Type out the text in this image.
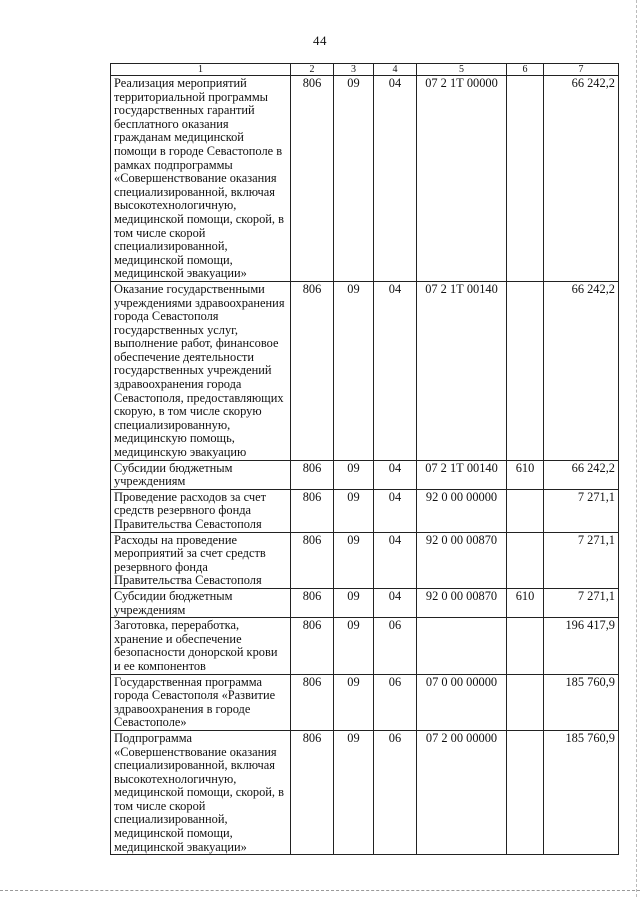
44
1	2	3	4	5	6	7
Реализация мероприятий территориальной программы государственных гарантий бесплатного оказания гражданам медицинской помощи в городе Севастополе в рамках подпрограммы «Совершенствование оказания специализированной, включая высокотехнологичную, медицинской помощи, скорой, в том числе скорой специализированной, медицинской помощи, медицинской эвакуации»	806	09	04	07 2 1Т 00000		66 242,2
Оказание государственными учреждениями здравоохранения города Севастополя государственных услуг, выполнение работ, финансовое обеспечение деятельности государственных учреждений здравоохранения города Севастополя, предоставляющих скорую, в том числе скорую специализированную, медицинскую помощь, медицинскую эвакуацию	806	09	04	07 2 1Т 00140		66 242,2
Субсидии бюджетным учреждениям	806	09	04	07 2 1Т 00140	610	66 242,2
Проведение расходов за счет средств резервного фонда Правительства Севастополя	806	09	04	92 0 00 00000		7 271,1
Расходы на проведение мероприятий за счет средств резервного фонда Правительства Севастополя	806	09	04	92 0 00 00870		7 271,1
Субсидии бюджетным учреждениям	806	09	04	92 0 00 00870	610	7 271,1
Заготовка, переработка, хранение и обеспечение безопасности донорской крови и ее компонентов	806	09	06			196 417,9
Государственная программа города Севастополя «Развитие здравоохранения в городе Севастополе»	806	09	06	07 0 00 00000		185 760,9
Подпрограмма «Совершенствование оказания специализированной, включая высокотехнологичную, медицинской помощи, скорой, в том числе скорой специализированной, медицинской помощи, медицинской эвакуации»	806	09	06	07 2 00 00000		185 760,9
